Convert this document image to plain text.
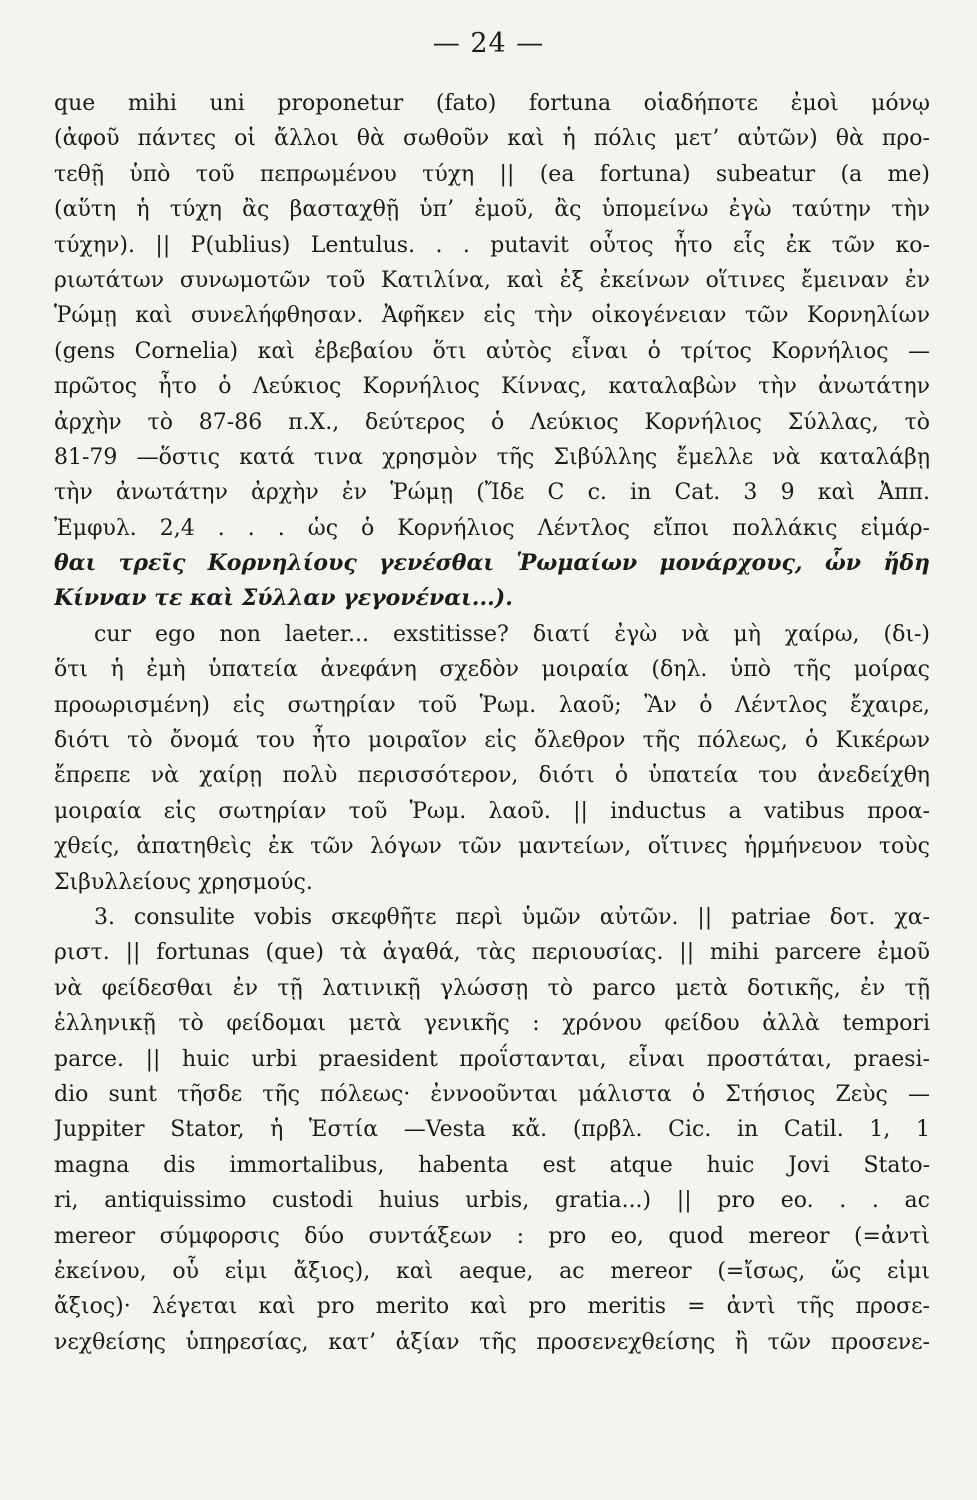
— 24 —
que mihi uni proponetur (fato) fortuna οἱαδήποτε ἐμοὶ μόνῳ
(ἀφοῦ πάντες οἱ ἄλλοι θὰ σωθοῦν καὶ ἡ πόλις μετ’ αὐτῶν) θὰ προ-
τεθῇ ὑπὸ τοῦ πεπρωμένου τύχη || (ea fortuna) subeatur (a me)
(αὕτη ἡ τύχη ἂς βασταχθῇ ὑπ’ ἐμοῦ, ἂς ὑπομείνω ἐγὼ ταύτην τὴν
τύχην). || P(ublius) Lentulus. . . putavit οὗτος ἦτο εἷς ἐκ τῶν κο-
ριωτάτων συνωμοτῶν τοῦ Κατιλίνα, καὶ ἐξ ἐκείνων οἵτινες ἔμειναν ἐν
Ῥώμῃ καὶ συνελήφθησαν. Ἀφῆκεν εἰς τὴν οἰκογένειαν τῶν Κορνηλίων
(gens Cornelia) καὶ ἐβεβαίου ὅτι αὐτὸς εἶναι ὁ τρίτος Κορνήλιος —
πρῶτος ἦτο ὁ Λεύκιος Κορνήλιος Κίννας, καταλαβὼν τὴν ἀνωτάτην
ἀρχὴν τὸ 87-86 π.Χ., δεύτερος ὁ Λεύκιος Κορνήλιος Σύλλας, τὸ
81-79 —ὅστις κατά τινα χρησμὸν τῆς Σιβύλλης ἔμελλε νὰ καταλάβῃ
τὴν ἀνωτάτην ἀρχὴν ἐν Ῥώμῃ (Ἴδε C c. in Cat. 3 9 καὶ Ἀππ.
Ἐμφυλ. 2,4 . . . ὡς ὁ Κορνήλιος Λέντλος εἴποι πολλάκις εἱμάρ-
θαι τρεῖς Κορνηλίους γενέσθαι Ῥωμαίων μονάρχους, ὧν ἤδη
Κίνναν τε καὶ Σύλλαν γεγονέναι...).
cur ego non laeter... exstitisse? διατί ἐγὼ νὰ μὴ χαίρω, (δι-)
ὅτι ἡ ἐμὴ ὑπατεία ἀνεφάνη σχεδὸν μοιραία (δηλ. ὑπὸ τῆς μοίρας
προωρισμένη) εἰς σωτηρίαν τοῦ Ῥωμ. λαοῦ; Ἂν ὁ Λέντλος ἔχαιρε,
διότι τὸ ὄνομά του ἦτο μοιραῖον εἰς ὄλεθρον τῆς πόλεως, ὁ Κικέρων
ἔπρεπε νὰ χαίρῃ πολὺ περισσότερον, διότι ὁ ὑπατεία του ἀνεδείχθη
μοιραία εἰς σωτηρίαν τοῦ Ῥωμ. λαοῦ. || inductus a vatibus προα-
χθείς, ἀπατηθεὶς ἐκ τῶν λόγων τῶν μαντείων, οἵτινες ἡρμήνευον τοὺς
Σιβυλλείους χρησμούς.
3. consulite vobis σκεφθῆτε περὶ ὑμῶν αὐτῶν. || patriae δοτ. χα-
ριστ. || fortunas (que) τὰ ἀγαθά, τὰς περιουσίας. || mihi parcere ἐμοῦ
νὰ φείδεσθαι ἐν τῇ λατινικῇ γλώσσῃ τὸ parco μετὰ δοτικῆς, ἐν τῇ
ἑλληνικῇ τὸ φείδομαι μετὰ γενικῆς : χρόνου φείδου ἀλλὰ tempori
parce. || huic urbi praesident προΐστανται, εἶναι προστάται, praesi-
dio sunt τῆσδε τῆς πόλεως· ἐννοοῦνται μάλιστα ὁ Στήσιος Ζεὺς —
Juppiter Stator, ἡ Ἑστία —Vesta κἄ. (πρβλ. Cic. in Catil. 1, 1
magna dis immortalibus, habenta est atque huic Jovi Stato-
ri, antiquissimo custodi huius urbis, gratia...) || pro eo. . . ac
mereor σύμφορσις δύο συντάξεων : pro eo, quod mereor (=ἀντὶ
ἐκείνου, οὗ εἰμι ἄξιος), καὶ aeque, ac mereor (=ἴσως, ὥς εἰμι
ἄξιος)· λέγεται καὶ pro merito καὶ pro meritis = ἀντὶ τῆς προσε-
νεχθείσης ὑπηρεσίας, κατ’ ἀξίαν τῆς προσενεχθείσης ἢ τῶν προσενε-
